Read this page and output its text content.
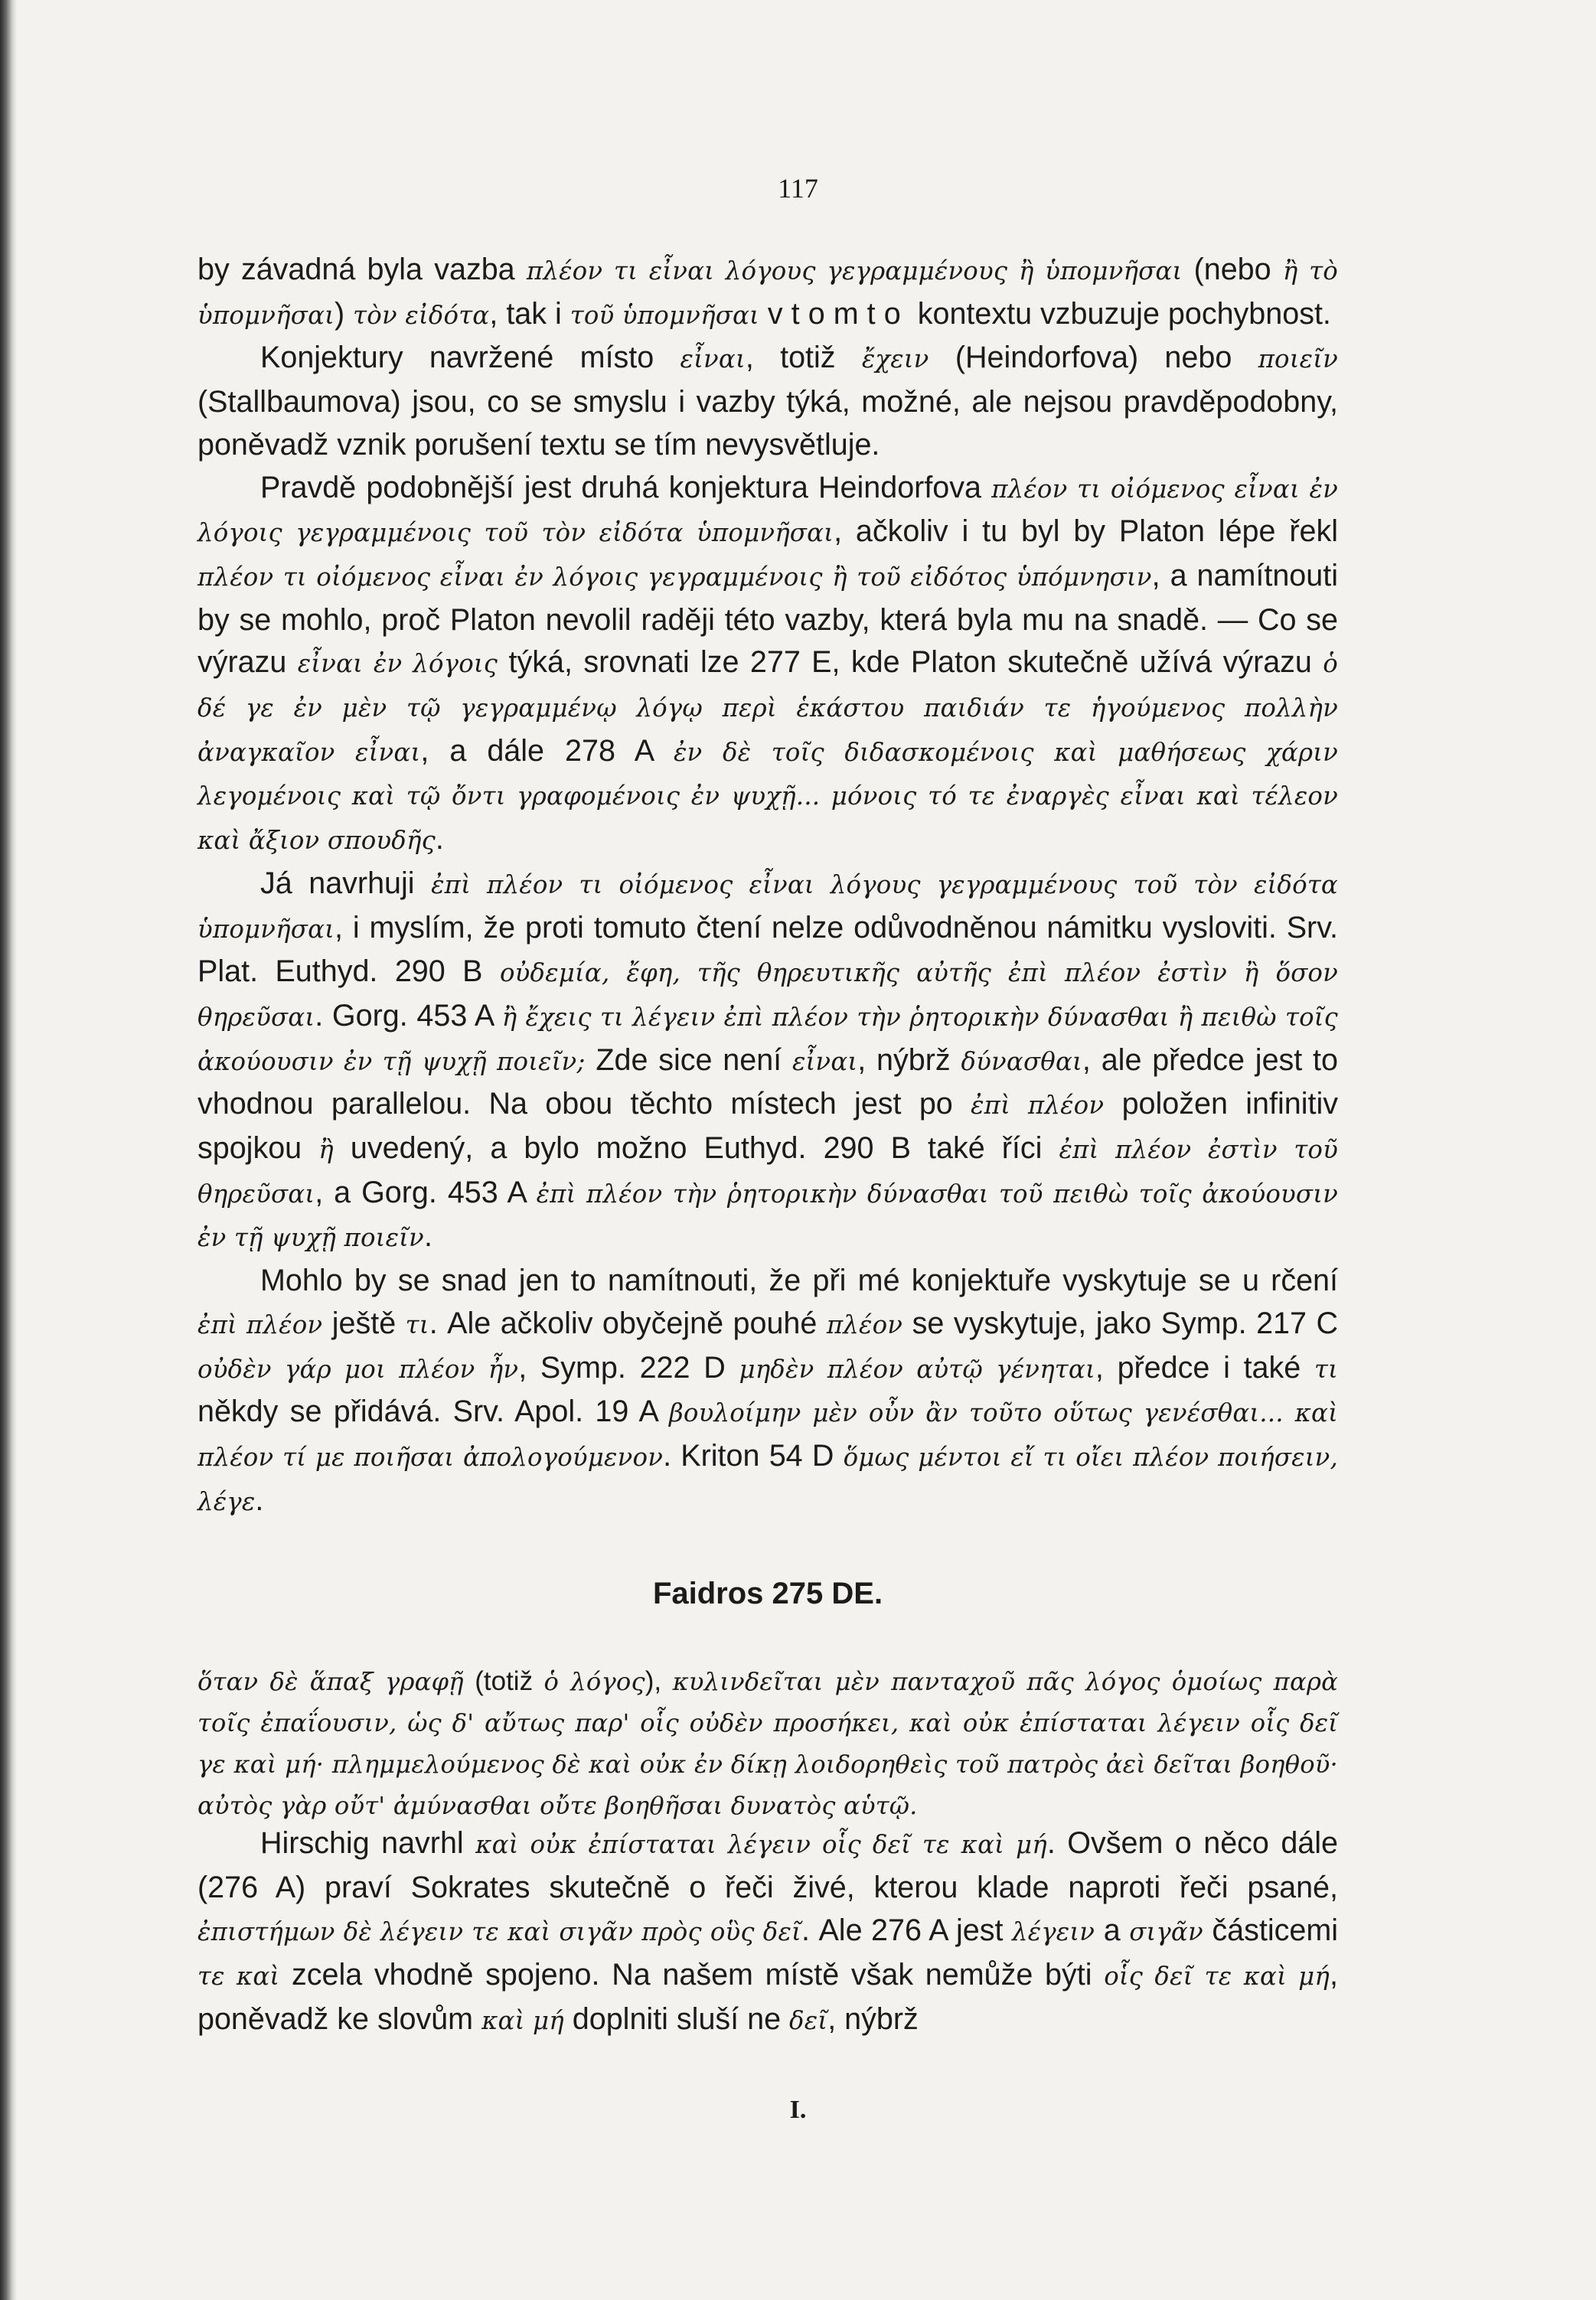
117

by závadná byla vazba πλέον τι εἶναι λόγους γεγραμμένους ἢ ὑπομνῆσαι (nebo ἢ τὸ ὑπομνῆσαι) τὸν εἰδότα, tak i τοῦ ὑπομνῆσαι v tomto kontextu vzbuzuje pochybnost.

Konjektury navržené místo εἶναι, totiž ἔχειν (Heindorfova) nebo ποιεῖν (Stallbaumova) jsou, co se smyslu i vazby týká, možné, ale nejsou pravděpodobny, poněvadž vznik porušení textu se tím nevysvětluje.

Pravdě podobnější jest druhá konjektura Heindorfova πλέον τι οἰόμενος εἶναι ἐν λόγοις γεγραμμένοις τοῦ τὸν εἰδότα ὑπομνῆσαι, ačkoliv i tu byl by Platon lépe řekl πλέον τι οἰόμενος εἶναι ἐν λόγοις γεγραμμένοις ἢ τοῦ εἰδότος ὑπόμνησιν, a namítnouti by se mohlo, proč Platon nevolil raději této vazby, která byla mu na snadě. — Co se výrazu εἶναι ἐν λόγοις týká, srovnati lze 277 E, kde Platon skutečně užívá výrazu ὁ δέ γε ἐν μὲν τῷ γεγραμμένῳ λόγῳ περὶ ἑκάστου παιδιάν τε ἡγούμενος πολλὴν ἀναγκαῖον εἶναι, a dále 278 A ἐν δὲ τοῖς διδασκομένοις καὶ μαθήσεως χάριν λεγομένοις καὶ τῷ ὄντι γραφομένοις ἐν ψυχῇ... μόνοις τό τε ἐναργὲς εἶναι καὶ τέλεον καὶ ἄξιον σπουδῆς.

Já navrhuji ἐπὶ πλέον τι οἰόμενος εἶναι λόγους γεγραμμένους τοῦ τὸν εἰδότα ὑπομνῆσαι, i myslím, že proti tomuto čtení nelze odůvodněnou námitku vysloviti. Srv. Plat. Euthyd. 290 B οὐδεμία, ἔφη, τῆς θηρευτικῆς αὐτῆς ἐπὶ πλέον ἐστὶν ἢ ὅσον θηρεῦσαι. Gorg. 453 A ἢ ἔχεις τι λέγειν ἐπὶ πλέον τὴν ῥητορικὴν δύνασθαι ἢ πειθὼ τοῖς ἀκούουσιν ἐν τῇ ψυχῇ ποιεῖν; Zde sice není εἶναι, nýbrž δύνασθαι, ale předce jest to vhodnou parallelou. Na obou těchto místech jest po ἐπὶ πλέον položen infinitiv spojkou ἢ uvedený, a bylo možno Euthyd. 290 B také říci ἐπὶ πλέον ἐστὶν τοῦ θηρεῦσαι, a Gorg. 453 A ἐπὶ πλέον τὴν ῥητορικὴν δύνασθαι τοῦ πειθὼ τοῖς ἀκούουσιν ἐν τῇ ψυχῇ ποιεῖν.

Mohlo by se snad jen to namítnouti, že při mé konjektuře vyskytuje se u rčení ἐπὶ πλέον ještě τι. Ale ačkoliv obyčejně pouhé πλέον se vyskytuje, jako Symp. 217 C οὐδὲν γάρ μοι πλέον ἦν, Symp. 222 D μηδὲν πλέον αὐτῷ γένηται, předce i také τι někdy se přidává. Srv. Apol. 19 A βουλοίμην μὲν οὖν ἂν τοῦτο οὕτως γενέσθαι... καὶ πλέον τί με ποιῆσαι ἀπολογούμενον. Kriton 54 D ὅμως μέντοι εἴ τι οἴει πλέον ποιήσειν, λέγε.

Faidros 275 DE.
ὅταν δὲ ἅπαξ γραφῇ (totiž ὁ λόγος), κυλινδεῖται μὲν πανταχοῦ πᾶς λόγος ὁμοίως παρὰ τοῖς ἐπαΐουσιν, ὡς δ' αὔτως παρ' οἷς οὐδὲν προσήκει, καὶ οὐκ ἐπίσταται λέγειν οἷς δεῖ γε καὶ μή· πλημμελούμενος δὲ καὶ οὐκ ἐν δίκῃ λοιδορηθεὶς τοῦ πατρὸς ἀεὶ δεῖται βοηθοῦ· αὐτὸς γὰρ οὔτ' ἀμύνασθαι οὔτε βοηθῆσαι δυνατὸς αὑτῷ.
Hirschig navrhl καὶ οὐκ ἐπίσταται λέγειν οἷς δεῖ τε καὶ μή. Ovšem o něco dále (276 A) praví Sokrates skutečně o řeči živé, kterou klade naproti řeči psané, ἐπιστήμων δὲ λέγειν τε καὶ σιγᾶν πρὸς οὓς δεῖ. Ale 276 A jest λέγειν a σιγᾶν částicemi τε καὶ zcela vhodně spojeno. Na našem místě však nemůže býti οἷς δεῖ τε καὶ μή, poněvadž ke slovům καὶ μή doplniti sluší ne δεῖ, nýbrž
I.
